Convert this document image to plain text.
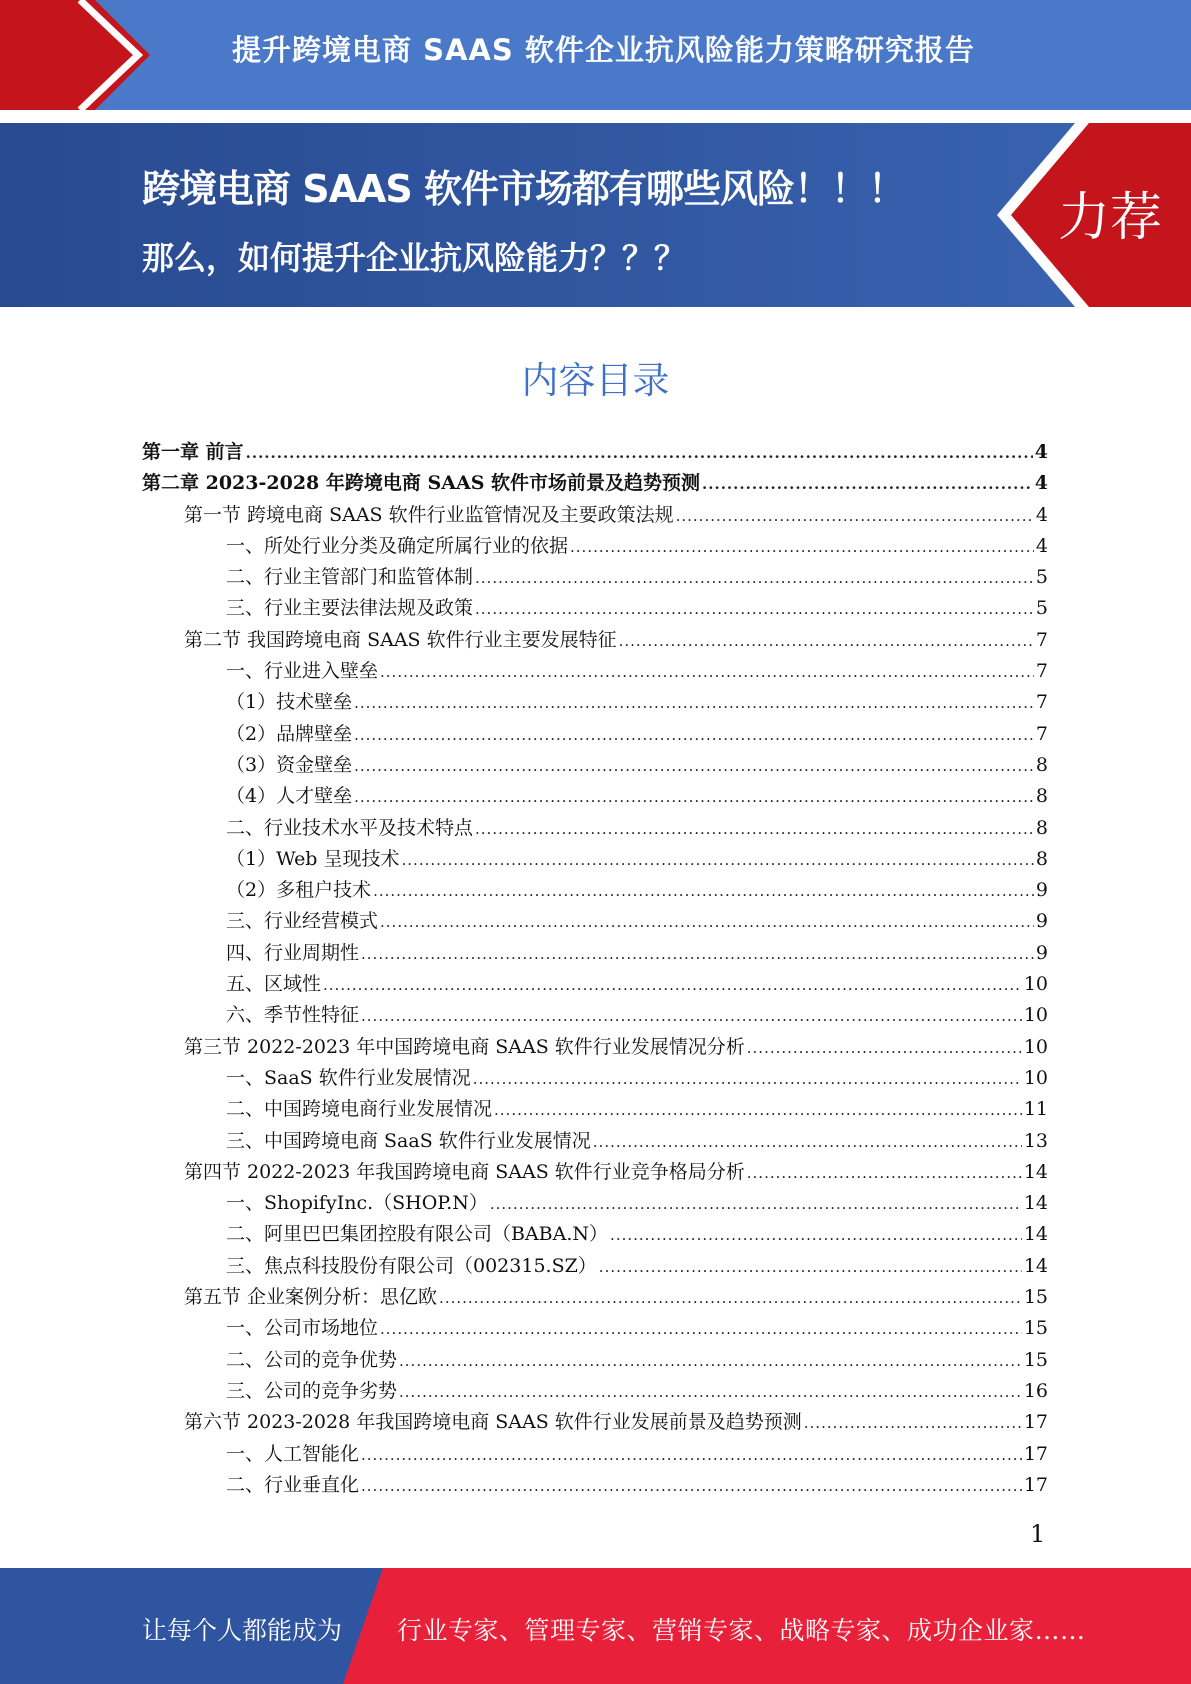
提升跨境电商 SAAS 软件企业抗风险能力策略研究报告
跨境电商 SAAS 软件市场都有哪些风险！！！
那么，如何提升企业抗风险能力？？？
力荐
内容目录
第一章 前言 .....	4
第二章 2023-2028 年跨境电商 SAAS 软件市场前景及趋势预测 .....	4
第一节 跨境电商 SAAS 软件行业监管情况及主要政策法规 .....	4
一、所处行业分类及确定所属行业的依据 .....	4
二、行业主管部门和监管体制 .....	5
三、行业主要法律法规及政策 .....	5
第二节 我国跨境电商 SAAS 软件行业主要发展特征 .....	7
一、行业进入壁垒 .....	7
（1）技术壁垒 .....	7
（2）品牌壁垒 .....	7
（3）资金壁垒 .....	8
（4）人才壁垒 .....	8
二、行业技术水平及技术特点 .....	8
（1）Web 呈现技术 .....	8
（2）多租户技术 .....	9
三、行业经营模式 .....	9
四、行业周期性 .....	9
五、区域性 .....	10
六、季节性特征 .....	10
第三节 2022-2023 年中国跨境电商 SAAS 软件行业发展情况分析 .....	10
一、SaaS 软件行业发展情况 .....	10
二、中国跨境电商行业发展情况 .....	11
三、中国跨境电商 SaaS 软件行业发展情况 .....	13
第四节 2022-2023 年我国跨境电商 SAAS 软件行业竞争格局分析 .....	14
一、ShopifyInc.（SHOP.N） .....	14
二、阿里巴巴集团控股有限公司（BABA.N） .....	14
三、焦点科技股份有限公司（002315.SZ） .....	14
第五节 企业案例分析：思亿欧 .....	15
一、公司市场地位 .....	15
二、公司的竞争优势 .....	15
三、公司的竞争劣势 .....	16
第六节 2023-2028 年我国跨境电商 SAAS 软件行业发展前景及趋势预测 .....	17
一、人工智能化 .....	17
二、行业垂直化 .....	17
1
让每个人都能成为 行业专家、管理专家、营销专家、战略专家、成功企业家……
